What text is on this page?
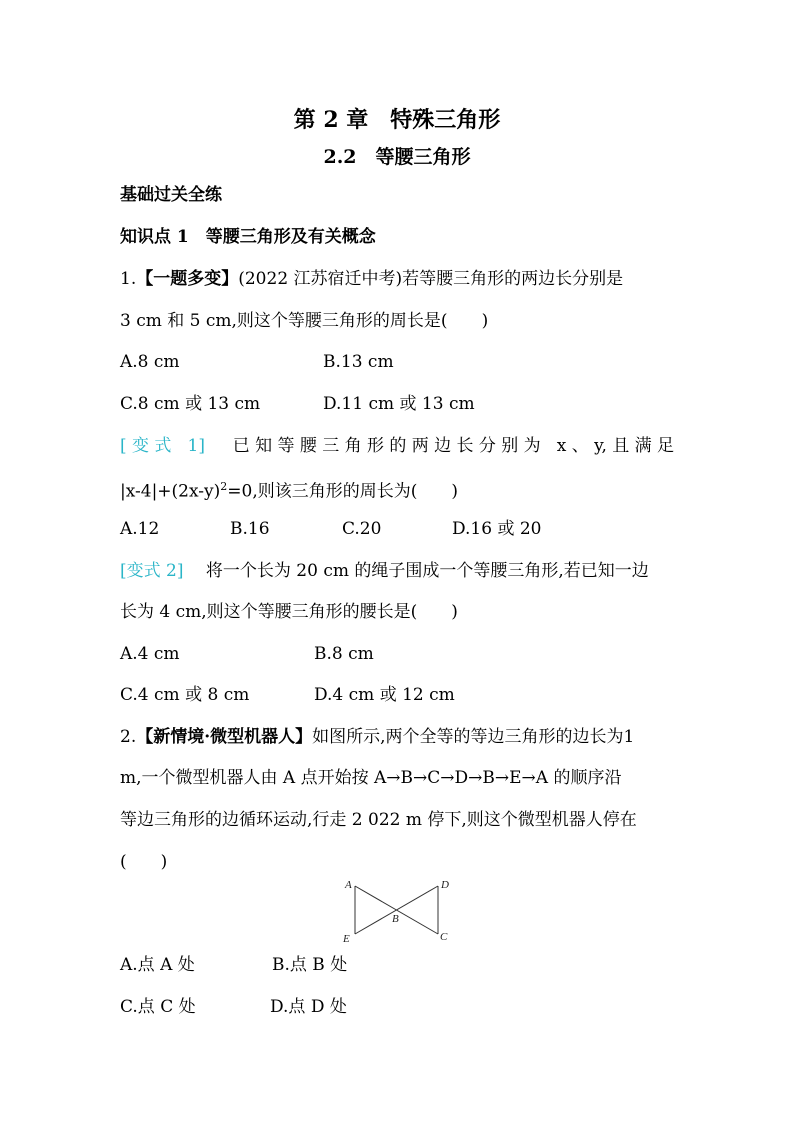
第 2 章　特殊三角形
2.2　等腰三角形
基础过关全练
知识点 1　等腰三角形及有关概念
1.【一题多变】(2022 江苏宿迁中考)若等腰三角形的两边长分别是
3 cm 和 5 cm,则这个等腰三角形的周长是(　　)
A.8 cm	B.13 cm
C.8 cm 或 13 cm	D.11 cm 或 13 cm
[变式 1]　 已知等腰三角形的两边长分别为 x、y,且满足
$|x-4|+(2x-y)^2=0$,则该三角形的周长为(　　)
A.12	B.16	C.20	D.16 或 20
[变式 2]　 将一个长为 20 cm 的绳子围成一个等腰三角形,若已知一边
长为 4 cm,则这个等腰三角形的腰长是(　　)
A.4 cm	B.8 cm
C.4 cm 或 8 cm	D.4 cm 或 12 cm
2.【新情境·微型机器人】如图所示,两个全等的等边三角形的边长为1
m,一个微型机器人由 A 点开始按 A→B→C→D→B→E→A 的顺序沿
等边三角形的边循环运动,行走 2 022 m 停下,则这个微型机器人停在
(　　)
A	D
B
E	C
A.点 A 处	B.点 B 处
C.点 C 处	D.点 D 处
